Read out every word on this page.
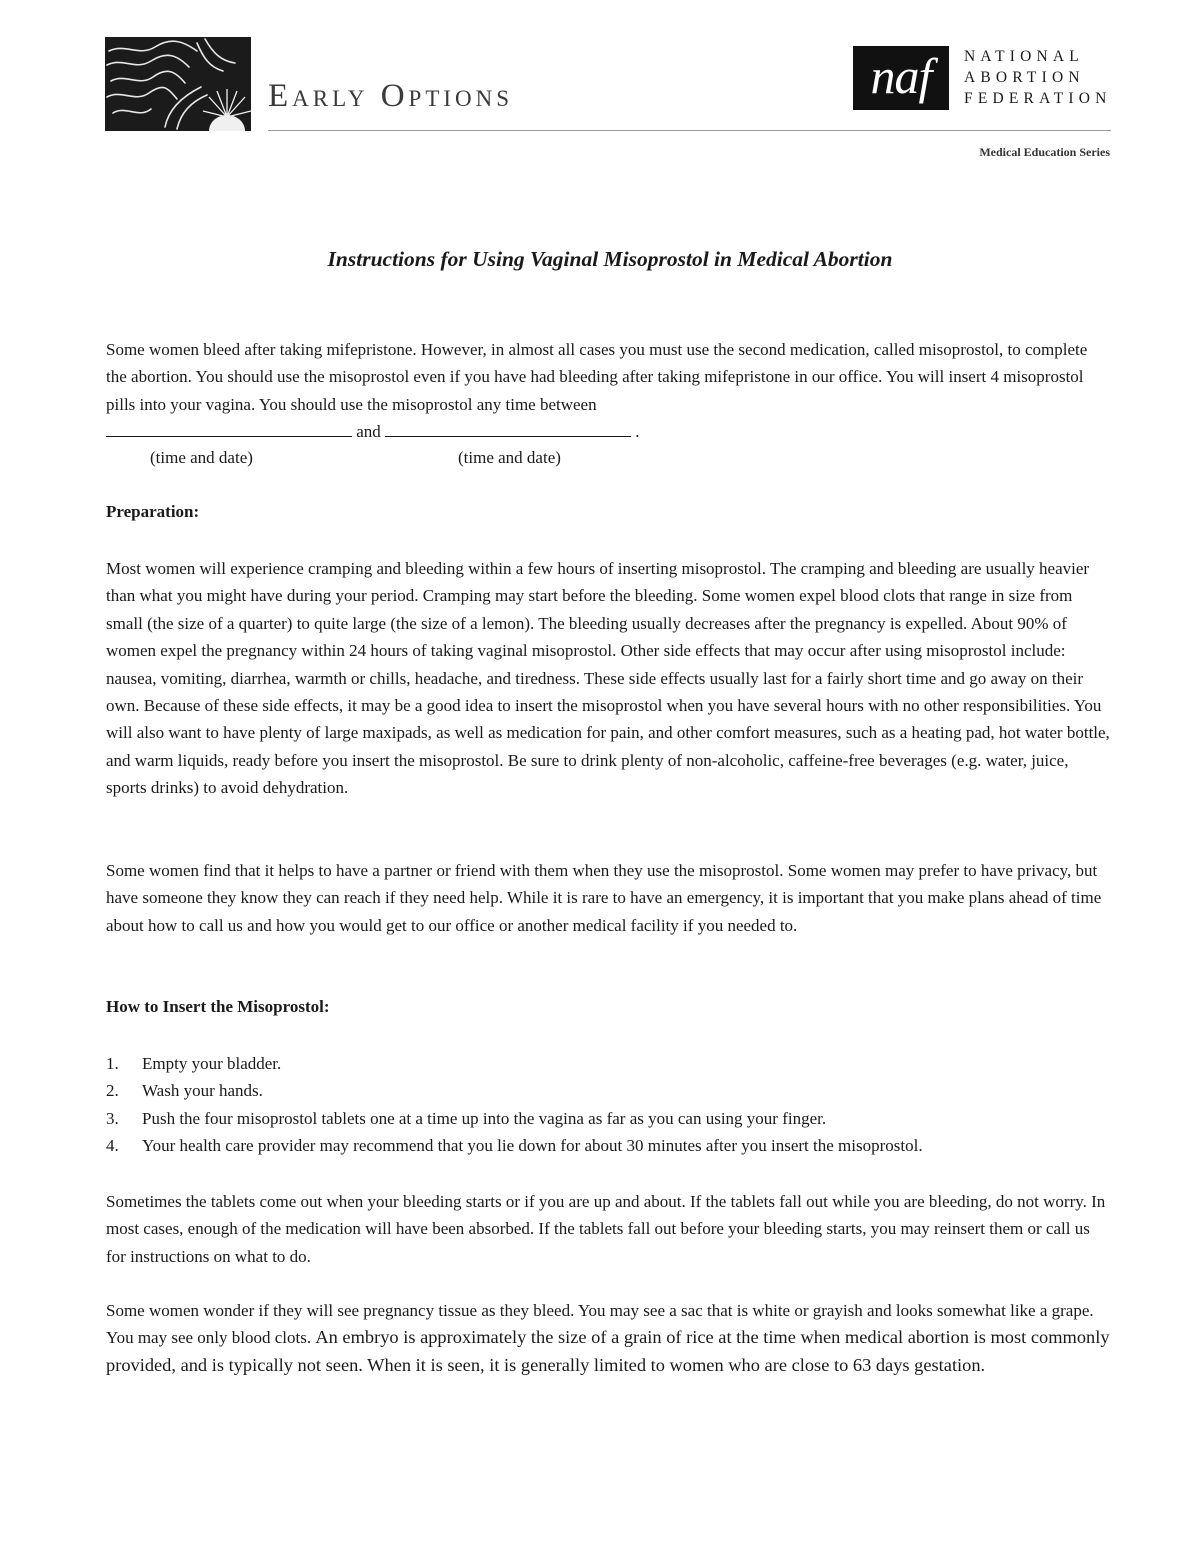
Early Options	naf	NATIONAL
ABORTION
FEDERATION
Medical Education Series
Instructions for Using Vaginal Misoprostol in Medical Abortion

Some women bleed after taking mifepristone. However, in almost all cases you must use the second medication, called misoprostol, to complete the abortion. You should use the misoprostol even if you have had bleeding after taking mifepristone in our office. You will insert 4 misoprostol pills into your vagina. You should use the misoprostol any time between

and	.
(time and date)	(time and date)
Preparation:

Most women will experience cramping and bleeding within a few hours of inserting misoprostol. The cramping and bleeding are usually heavier than what you might have during your period. Cramping may start before the bleeding. Some women expel blood clots that range in size from small (the size of a quarter) to quite large (the size of a lemon). The bleeding usually decreases after the pregnancy is expelled. About 90% of women expel the pregnancy within 24 hours of taking vaginal misoprostol. Other side effects that may occur after using misoprostol include: nausea, vomiting, diarrhea, warmth or chills, headache, and tiredness. These side effects usually last for a fairly short time and go away on their own. Because of these side effects, it may be a good idea to insert the misoprostol when you have several hours with no other responsibilities. You will also want to have plenty of large maxipads, as well as medication for pain, and other comfort measures, such as a heating pad, hot water bottle, and warm liquids, ready before you insert the misoprostol. Be sure to drink plenty of non-alcoholic, caffeine-free beverages (e.g. water, juice, sports drinks) to avoid dehydration.

Some women find that it helps to have a partner or friend with them when they use the misoprostol. Some women may prefer to have privacy, but have someone they know they can reach if they need help. While it is rare to have an emergency, it is important that you make plans ahead of time about how to call us and how you would get to our office or another medical facility if you needed to.

How to Insert the Misoprostol:
1. Empty your bladder.
2. Wash your hands.
3. Push the four misoprostol tablets one at a time up into the vagina as far as you can using your finger.
4. Your health care provider may recommend that you lie down for about 30 minutes after you insert the misoprostol.

Sometimes the tablets come out when your bleeding starts or if you are up and about. If the tablets fall out while you are bleeding, do not worry. In most cases, enough of the medication will have been absorbed. If the tablets fall out before your bleeding starts, you may reinsert them or call us for instructions on what to do.

Some women wonder if they will see pregnancy tissue as they bleed. You may see a sac that is white or grayish and looks somewhat like a grape. You may see only blood clots. An embryo is approximately the size of a grain of rice at the time when medical abortion is most commonly provided, and is typically not seen. When it is seen, it is generally limited to women who are close to 63 days gestation.
